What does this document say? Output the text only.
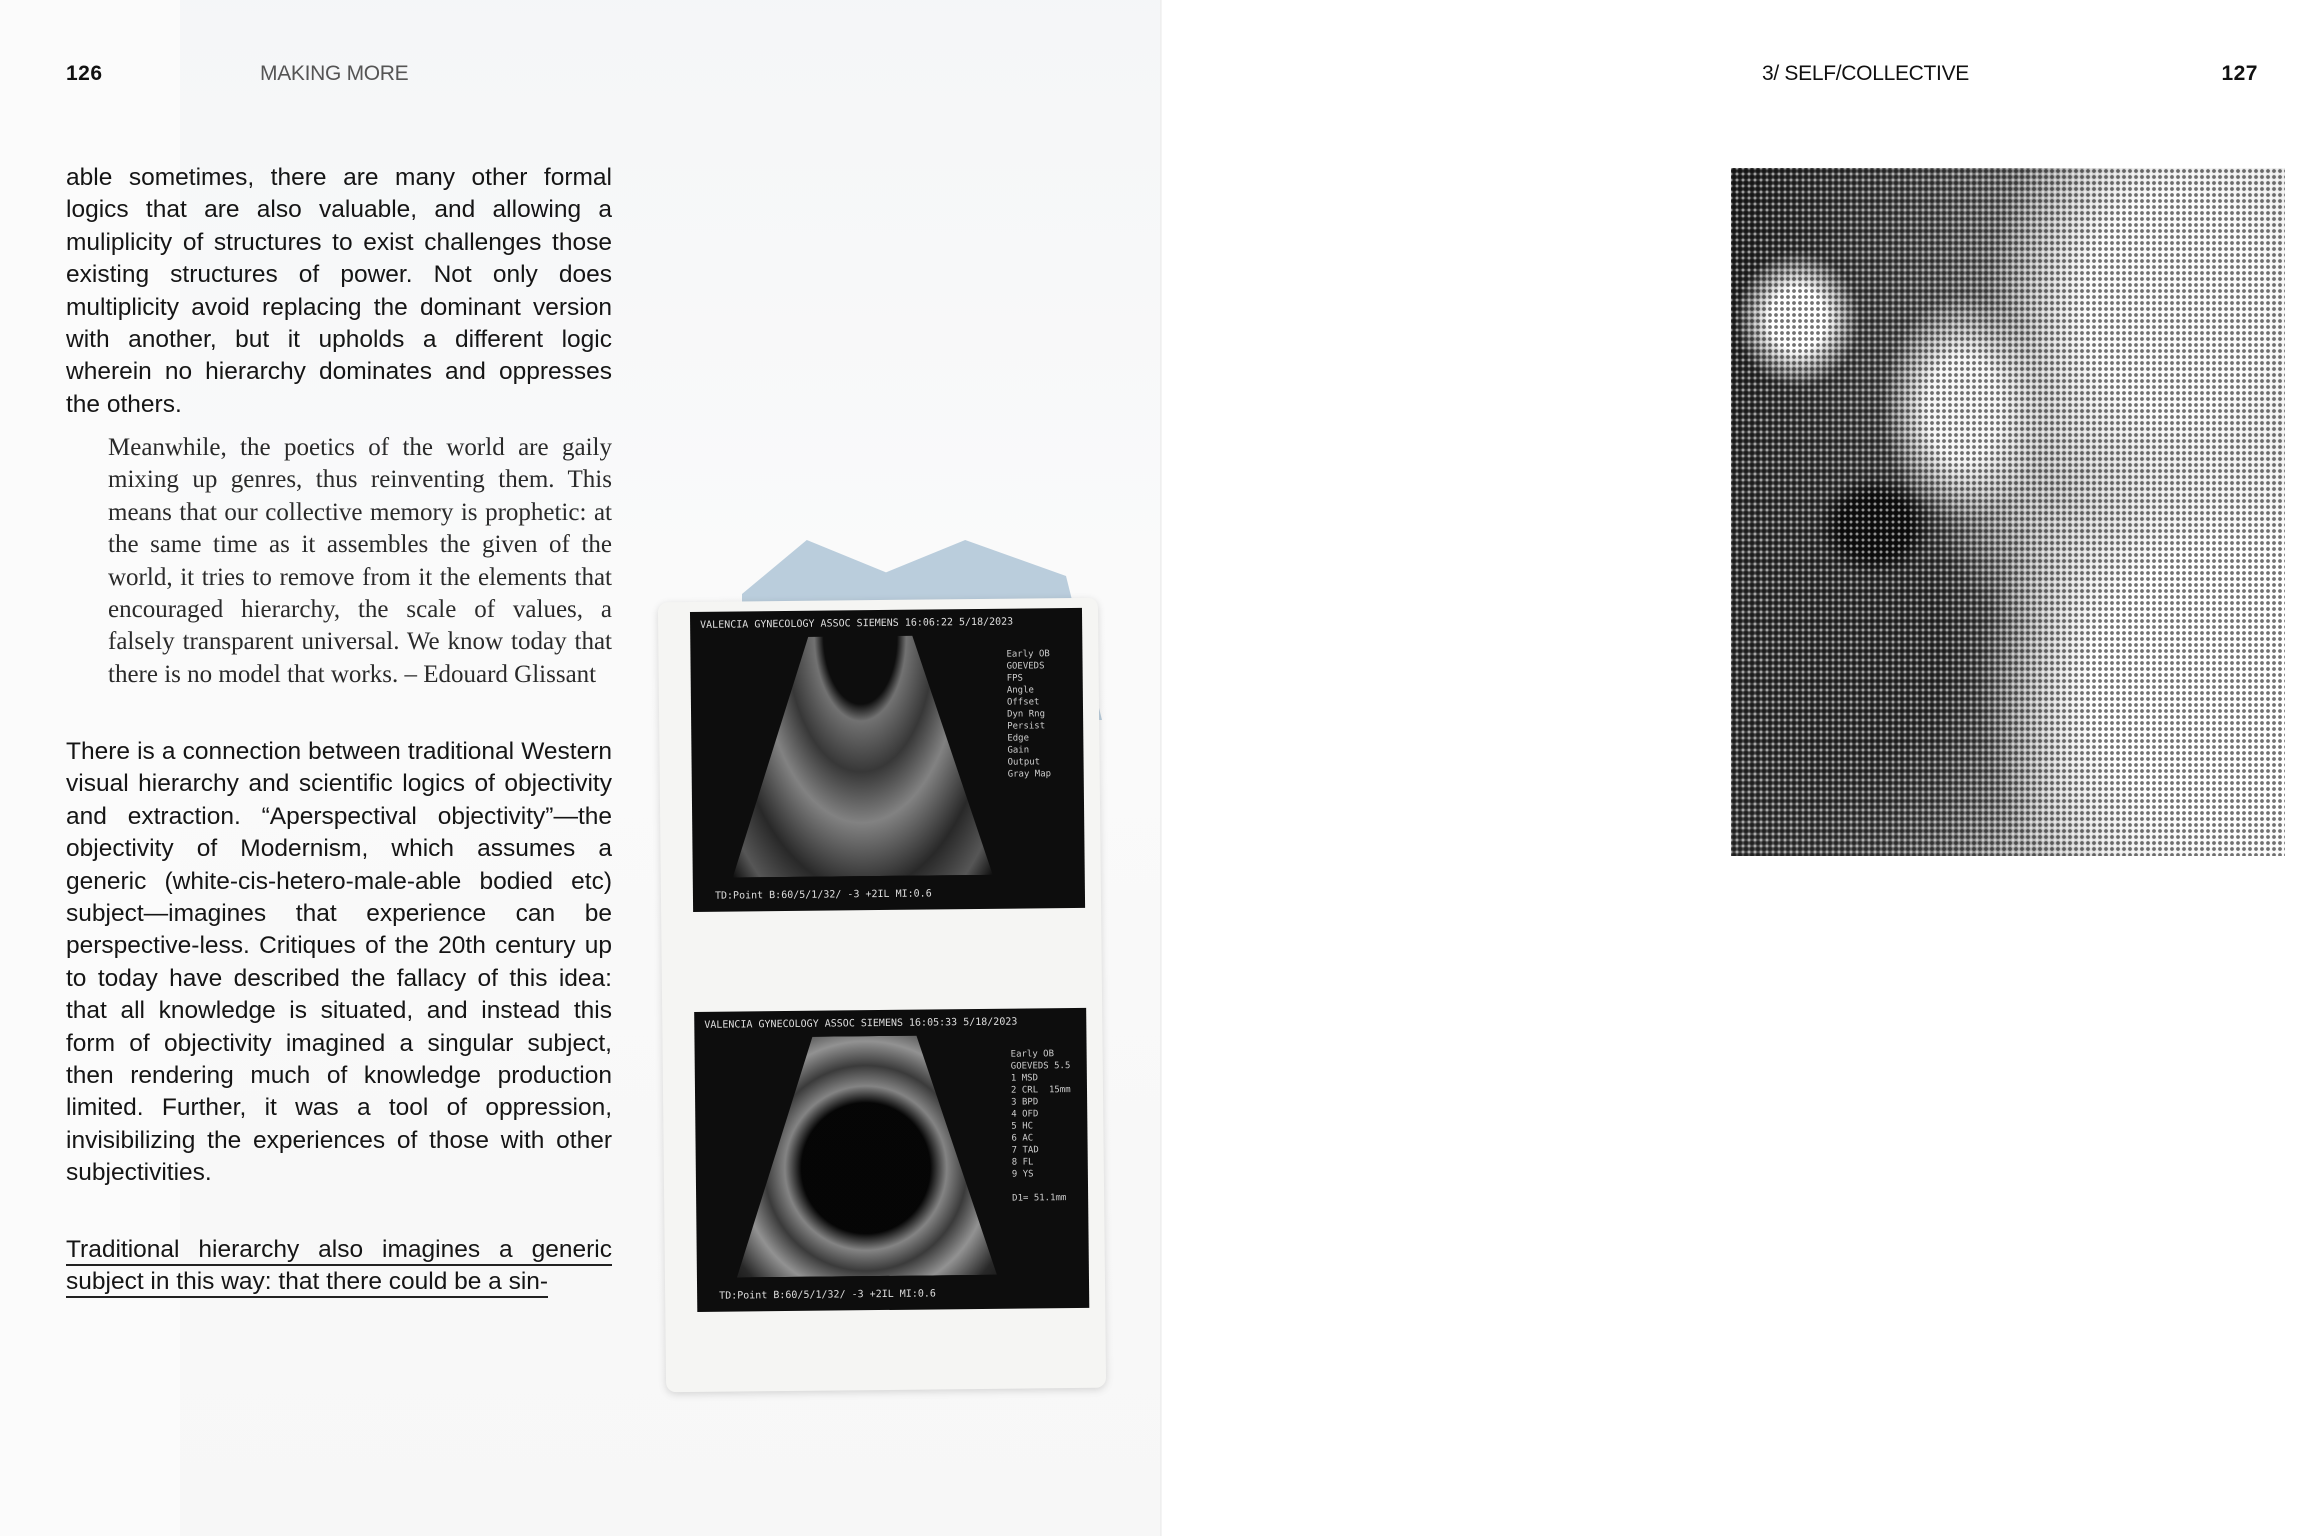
126	MAKING MORE
able sometimes, there are many other formal logics that are also valuable, and allowing a muliplicity of structures to exist challenges those existing structures of power. Not only does multiplicity avoid replacing the dominant version with another, but it upholds a different logic wherein no hierarchy dominates and oppresses the others.
Meanwhile, the poetics of the world are gaily mixing up genres, thus reinventing them. This means that our collective memory is prophetic: at the same time as it assembles the given of the world, it tries to remove from it the elements that encouraged hierarchy, the scale of values, a falsely transparent universal. We know today that there is no model that works. – Edouard Glissant
There is a connection between traditional Western visual hierarchy and scientific logics of objectivity and extraction. “Aperspectival objectivity”—the objectivity of Modernism, which assumes a generic (white-cis-hetero-male-able bodied etc) subject—imagines that experience can be perspective-less. Critiques of the 20th century up to today have described the fallacy of this idea: that all knowledge is situated, and instead this form of objectivity imagined a singular subject, then rendering much of knowledge production limited. Further, it was a tool of oppression, invisibilizing the experiences of those with other subjectivities.
Traditional hierarchy also imagines a generic subject in this way: that there could be a sin-
VALENCIA GYNECOLOGY ASSOC SIEMENS 16:06:22 5/18/2023
Early OB
GOEVEDS
FPS
Angle
Offset
Dyn Rng
Persist
Edge
Gain
Output
Gray Map
TD:Point B:60/5/1/32/ -3 +2IL MI:0.6
VALENCIA GYNECOLOGY ASSOC SIEMENS 16:05:33 5/18/2023
Early OB
GOEVEDS 5.5
1 MSD
2 CRL  15mm
3 BPD
4 OFD
5 HC
6 AC
7 TAD
8 FL
9 YS

D1= 51.1mm
TD:Point B:60/5/1/32/ -3 +2IL MI:0.6
3/ SELF/COLLECTIVE	127
